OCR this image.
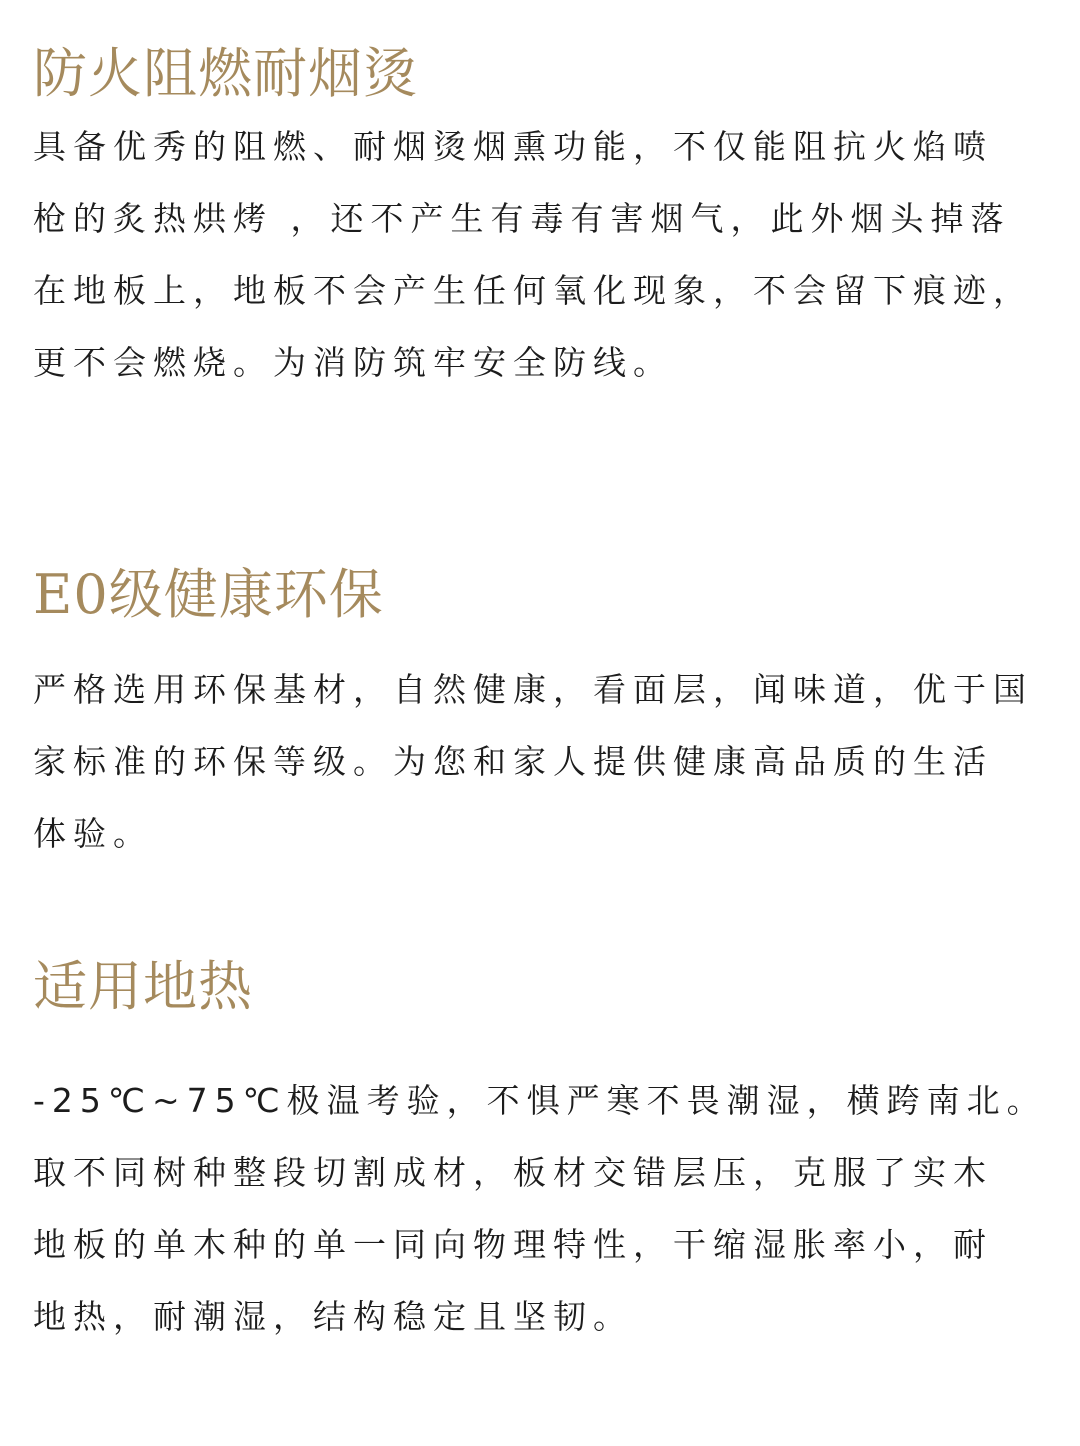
防火阻燃耐烟烫
具备优秀的阻燃、耐烟烫烟熏功能，不仅能阻抗火焰喷
枪的炙热烘烤 ，还不产生有毒有害烟气，此外烟头掉落
在地板上，地板不会产生任何氧化现象，不会留下痕迹，
更不会燃烧。为消防筑牢安全防线。
E0级健康环保
严格选用环保基材，自然健康，看面层，闻味道，优于国
家标准的环保等级。为您和家人提供健康高品质的生活
体验。
适用地热
-25℃~75℃极温考验，不惧严寒不畏潮湿，横跨南北。
取不同树种整段切割成材，板材交错层压，克服了实木
地板的单木种的单一同向物理特性，干缩湿胀率小，耐
地热，耐潮湿，结构稳定且坚韧。
